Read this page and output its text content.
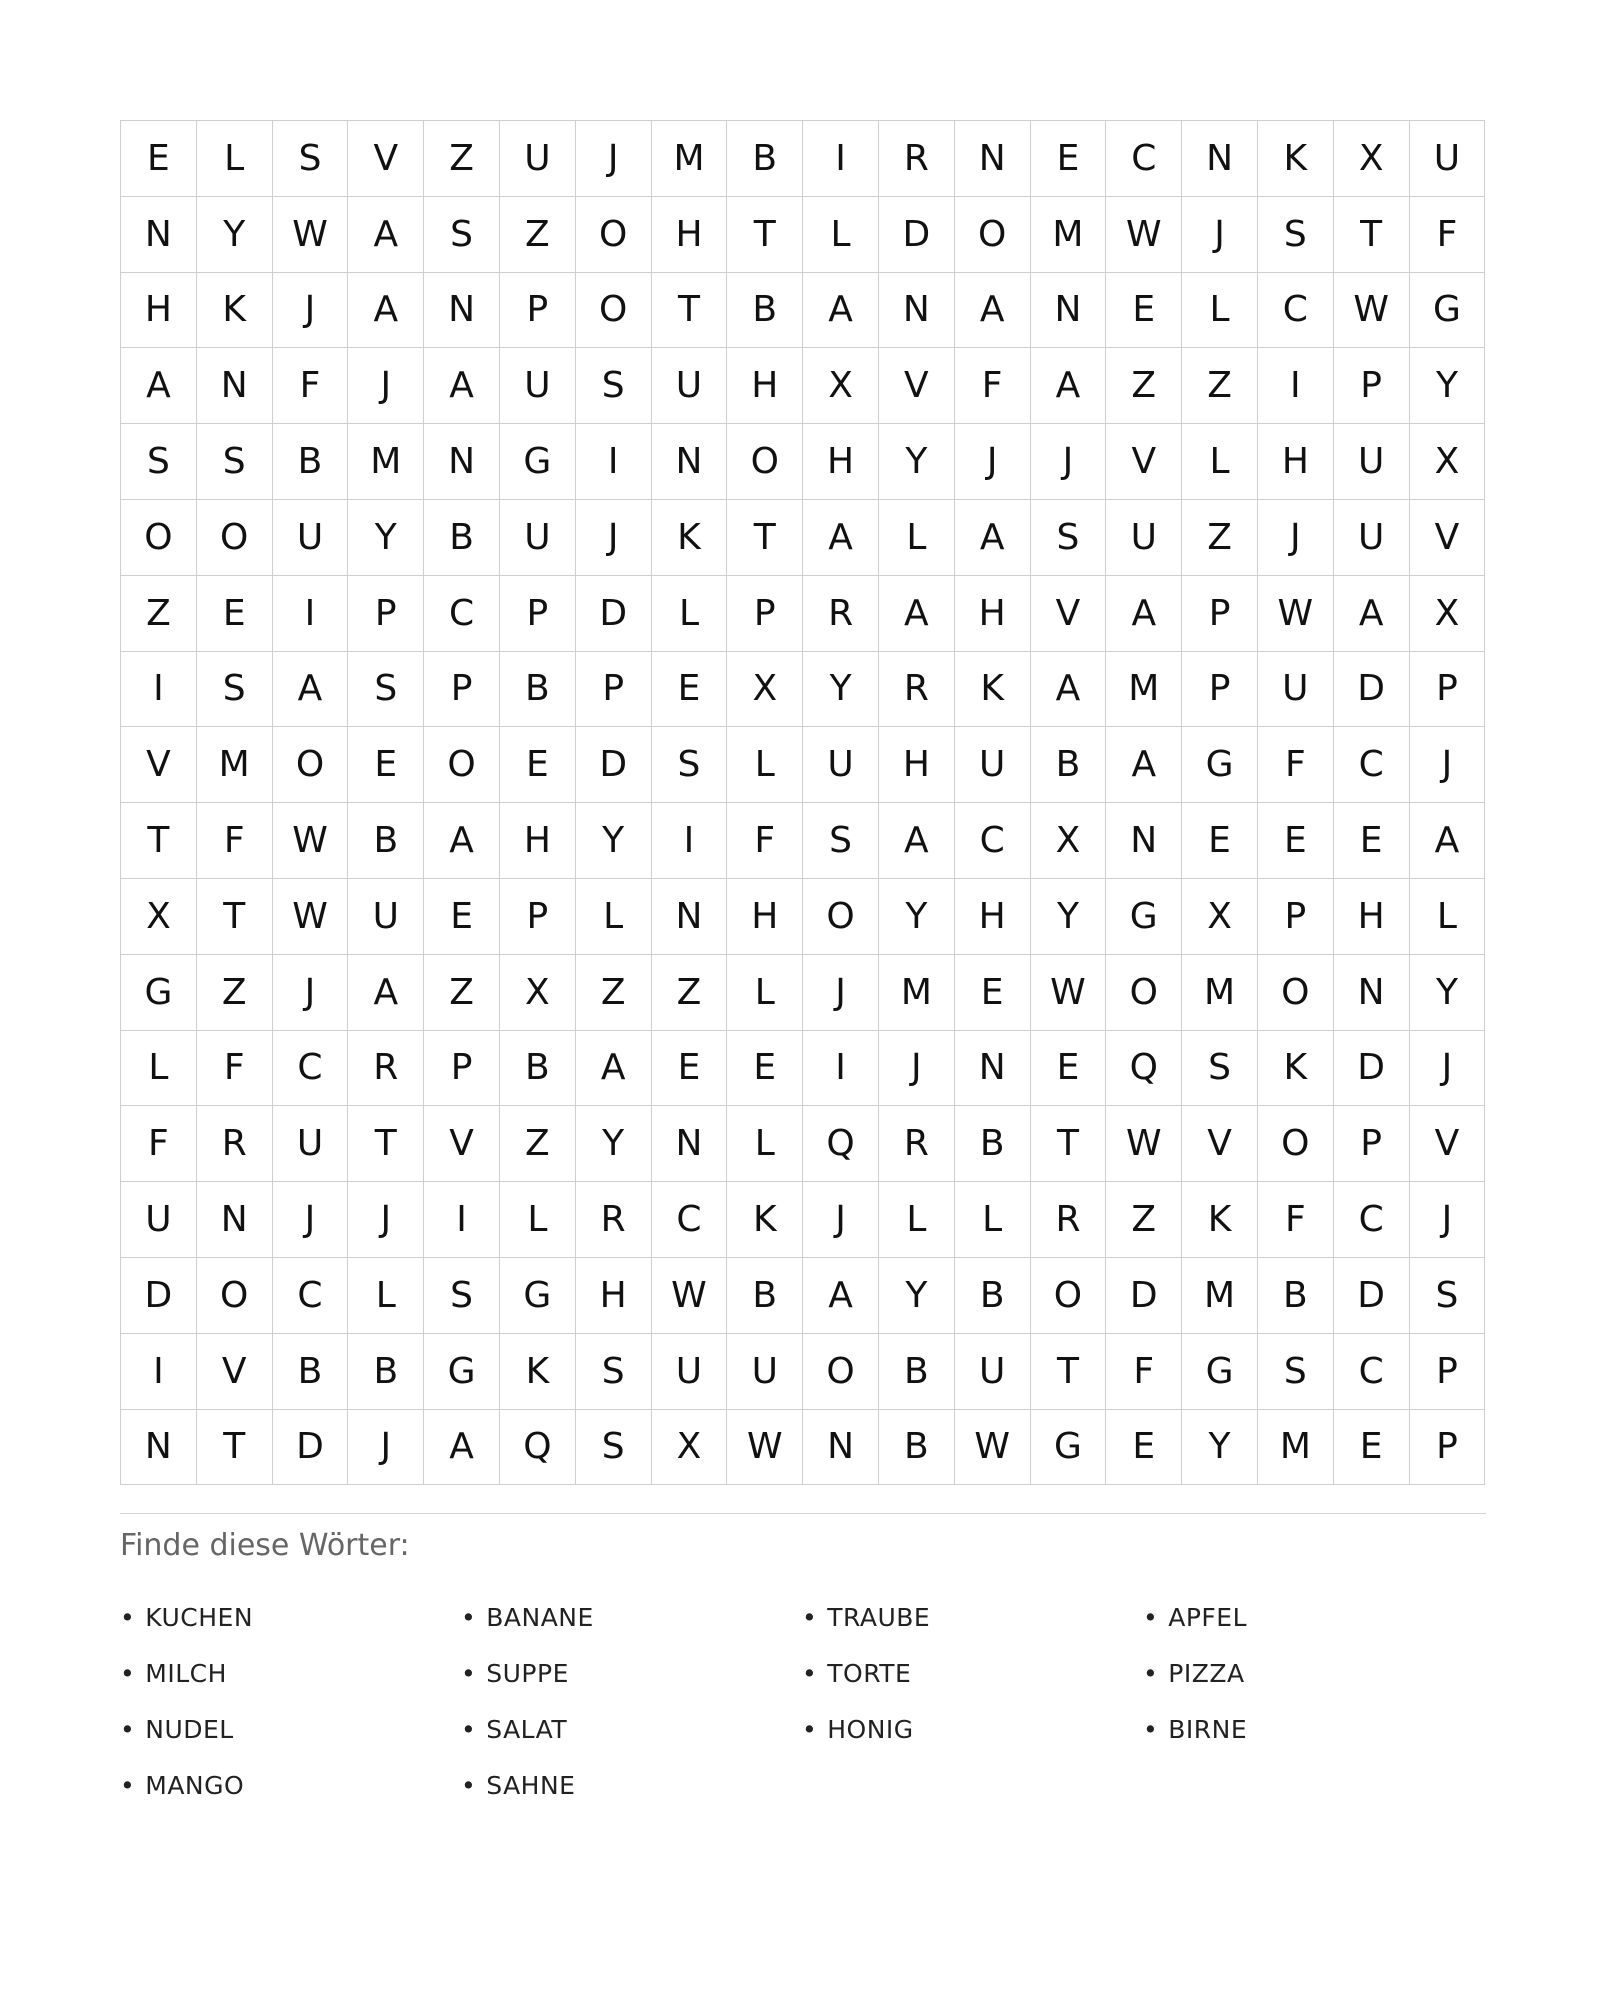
E	L	S	V	Z	U	J	M	B	I	R	N	E	C	N	K	X	U
N	Y	W	A	S	Z	O	H	T	L	D	O	M	W	J	S	T	F
H	K	J	A	N	P	O	T	B	A	N	A	N	E	L	C	W	G
A	N	F	J	A	U	S	U	H	X	V	F	A	Z	Z	I	P	Y
S	S	B	M	N	G	I	N	O	H	Y	J	J	V	L	H	U	X
O	O	U	Y	B	U	J	K	T	A	L	A	S	U	Z	J	U	V
Z	E	I	P	C	P	D	L	P	R	A	H	V	A	P	W	A	X
I	S	A	S	P	B	P	E	X	Y	R	K	A	M	P	U	D	P
V	M	O	E	O	E	D	S	L	U	H	U	B	A	G	F	C	J
T	F	W	B	A	H	Y	I	F	S	A	C	X	N	E	E	E	A
X	T	W	U	E	P	L	N	H	O	Y	H	Y	G	X	P	H	L
G	Z	J	A	Z	X	Z	Z	L	J	M	E	W	O	M	O	N	Y
L	F	C	R	P	B	A	E	E	I	J	N	E	Q	S	K	D	J
F	R	U	T	V	Z	Y	N	L	Q	R	B	T	W	V	O	P	V
U	N	J	J	I	L	R	C	K	J	L	L	R	Z	K	F	C	J
D	O	C	L	S	G	H	W	B	A	Y	B	O	D	M	B	D	S
I	V	B	B	G	K	S	U	U	O	B	U	T	F	G	S	C	P
N	T	D	J	A	Q	S	X	W	N	B	W	G	E	Y	M	E	P
Finde diese Wörter:
• KUCHEN	• BANANE	• TRAUBE	• APFEL
• MILCH	• SUPPE	• TORTE	• PIZZA
• NUDEL	• SALAT	• HONIG	• BIRNE
• MANGO	• SAHNE
